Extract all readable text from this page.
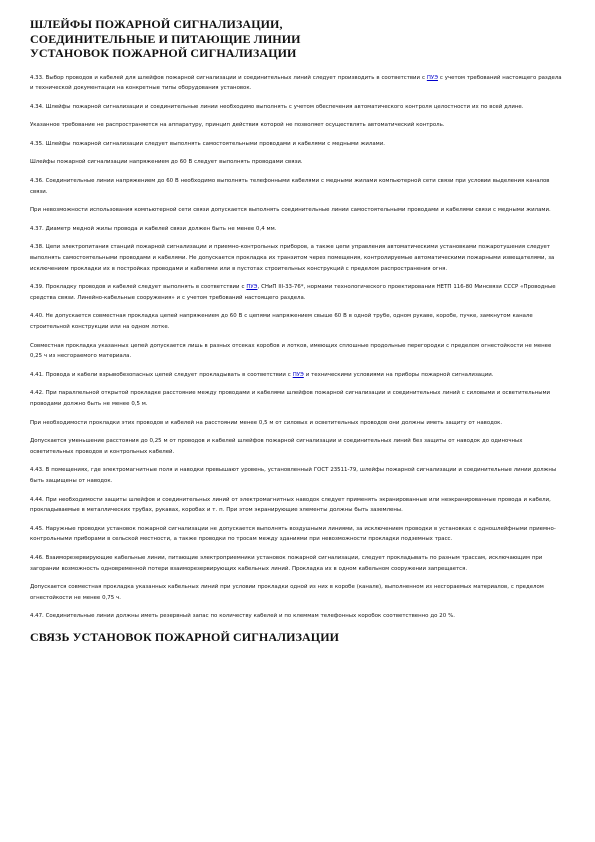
ШЛЕЙФЫ ПОЖАРНОЙ СИГНАЛИЗАЦИИ,
СОЕДИНИТЕЛЬНЫЕ И ПИТАЮЩИЕ ЛИНИИ
УСТАНОВОК ПОЖАРНОЙ СИГНАЛИЗАЦИИ

4.33. Выбор проводов и кабелей для шлейфов пожарной сигнализации и соединительных линий следует производить в соответствии с ПУЭ с учетом требований настоящего раздела и технической документации на конкретные типы оборудования установок.

4.34. Шлейфы пожарной сигнализации и соединительные линии необходимо выполнять с учетом обеспечения автоматического контроля целостности их по всей длине.

Указанное требование не распространяется на аппаратуру, принцип действия которой не позволяет осуществлять автоматический контроль.

4.35. Шлейфы пожарной сигнализации следует выполнять самостоятельными проводами и кабелями с медными жилами.

Шлейфы пожарной сигнализации напряжением до 60 В следует выполнять проводами связи.

4.36. Соединительные линии напряжением до 60 В необходимо выполнять телефонными кабелями с медными жилами компьютерной сети связи при условии выделения каналов связи.

При невозможности использования компьютерной сети связи допускается выполнять соединительные линии самостоятельными проводами и кабелями связи с медными жилами.

4.37. Диаметр медной жилы провода и кабелей связи должен быть не менее 0,4 мм.

4.38. Цепи электропитания станций пожарной сигнализации и приемно-контрольных приборов, а также цепи управления автоматическими установками пожаротушения следует выполнять самостоятельными проводами и кабелями. Не допускается прокладка их транзитом через помещения, контролируемые автоматическими пожарными извещателями, за исключением прокладки их в постройках проводами и кабелями или в пустотах строительных конструкций с пределом распространения огня.

4.39. Прокладку проводов и кабелей следует выполнять в соответствии с ПУЭ, СНиП III-33-76*, нормами технологического проектирования НЕТП 116-80 Минсвязи СССР «Проводные средства связи. Линейно-кабельные сооружения» и с учетом требований настоящего раздела.

4.40. Не допускается совместная прокладка цепей напряжением до 60 В с цепями напряжением свыше 60 В в одной трубе, одном рукаве, коробе, пучке, замкнутом канале строительной конструкции или на одном лотке.

Совместная прокладка указанных цепей допускается лишь в разных отсеках коробов и лотков, имеющих сплошные продольные перегородки с пределом огнестойкости не менее 0,25 ч из несгораемого материала.

4.41. Провода и кабели взрывобезопасных цепей следует прокладывать в соответствии с ПУЭ и техническими условиями на приборы пожарной сигнализации.

4.42. При параллельной открытой прокладке расстояние между проводами и кабелями шлейфов пожарной сигнализации и соединительных линий с силовыми и осветительными проводами должно быть не менее 0,5 м.

При необходимости прокладки этих проводов и кабелей на расстоянии менее 0,5 м от силовых и осветительных проводов они должны иметь защиту от наводок.

Допускается уменьшение расстояния до 0,25 м от проводов и кабелей шлейфов пожарной сигнализации и соединительных линий без защиты от наводок до одиночных осветительных проводов и контрольных кабелей.

4.43. В помещениях, где электромагнитные поля и наводки превышают уровень, установленный ГОСТ 23511-79, шлейфы пожарной сигнализации и соединительные линии должны быть защищены от наводок.

4.44. При необходимости защиты шлейфов и соединительных линий от электромагнитных наводок следует применять экранированные или неэкранированные провода и кабели, прокладываемые в металлических трубах, рукавах, коробах и т. п. При этом экранирующие элементы должны быть заземлены.

4.45. Наружные проводки установок пожарной сигнализации не допускается выполнять воздушными линиями, за исключением проводки в установках с одношлейфными приемно-контрольными приборами в сельской местности, а также проводки по тросам между зданиями при невозможности прокладки подземных трасс.

4.46. Взаиморезервирующие кабельные линии, питающие электроприемники установок пожарной сигнализации, следует прокладывать по разным трассам, исключающим при загорании возможность одновременной потери взаиморезервирующих кабельных линий. Прокладка их в одном кабельном сооружении запрещается.

Допускается совместная прокладка указанных кабельных линий при условии прокладки одной из них в коробе (канале), выполненном из несгораемых материалов, с пределом огнестойкости не менее 0,75 ч.

4.47. Соединительные линии должны иметь резервный запас по количеству кабелей и по клеммам телефонных коробок соответственно до 20 %.

СВЯЗЬ УСТАНОВОК ПОЖАРНОЙ СИГНАЛИЗАЦИИ
